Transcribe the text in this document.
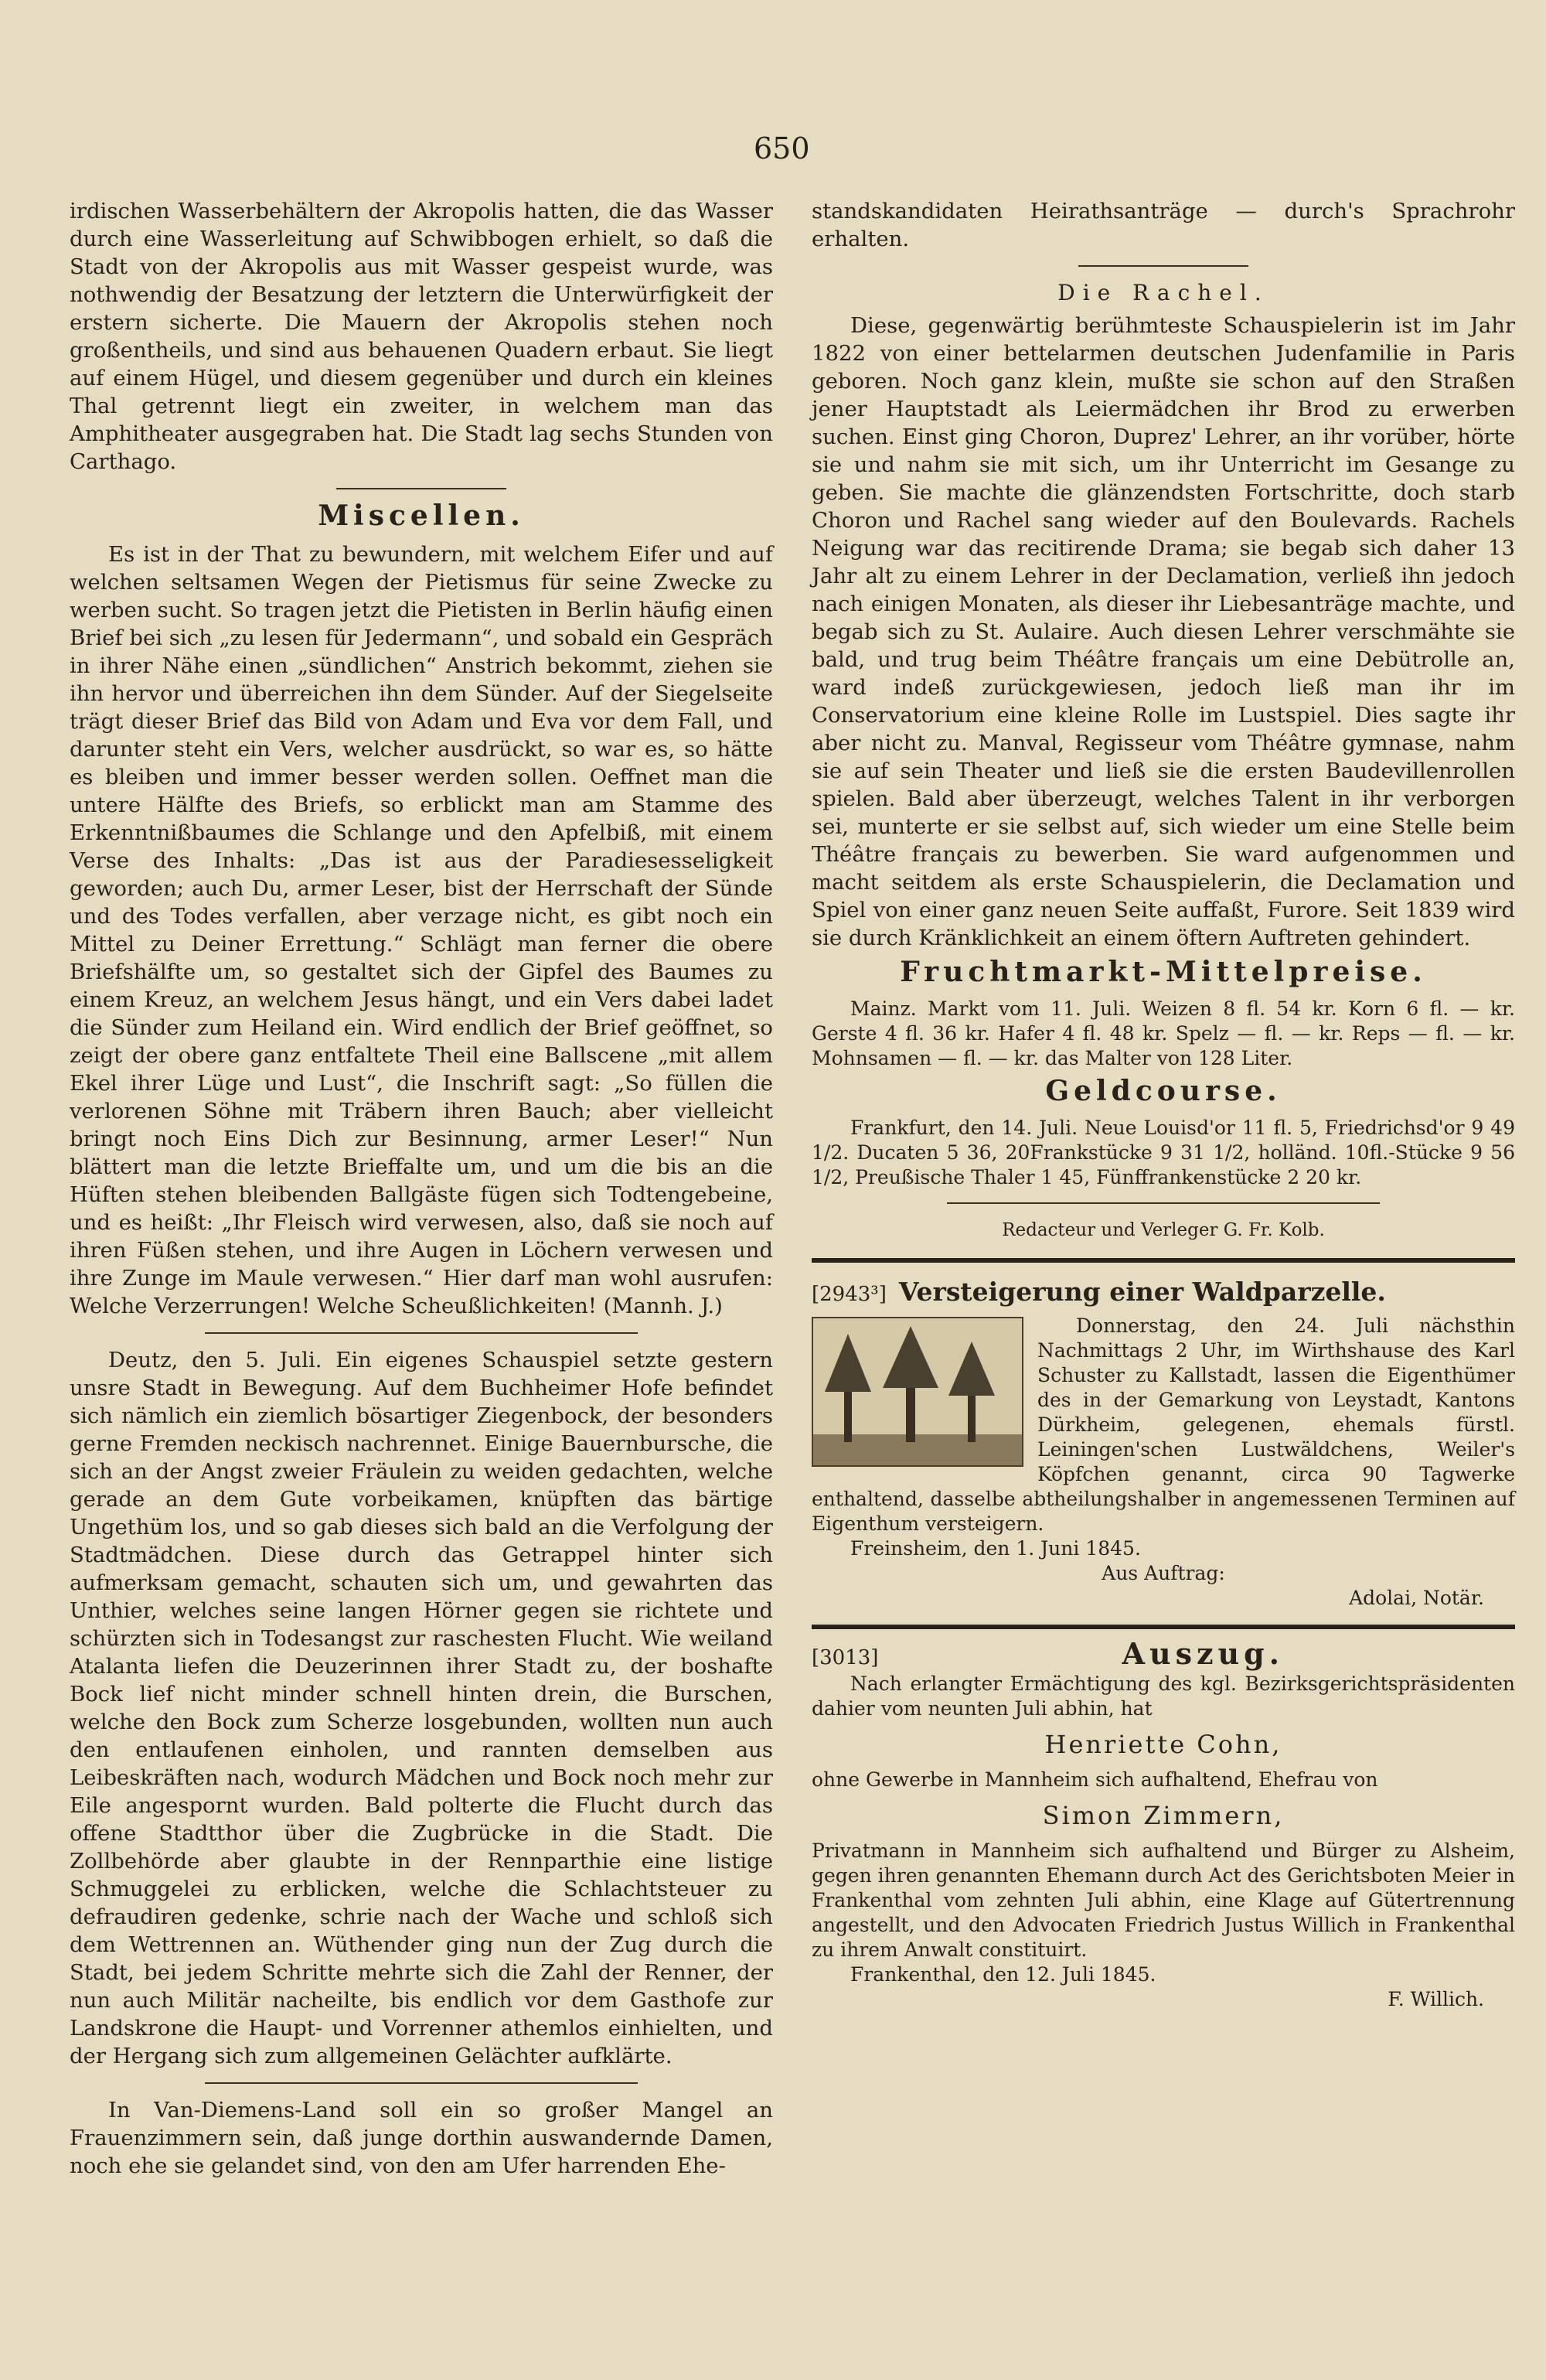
650

irdischen Wasserbehältern der Akropolis hatten, die das Wasser durch eine Wasserleitung auf Schwibbogen erhielt, so daß die Stadt von der Akropolis aus mit Wasser gespeist wurde, was nothwendig der Besatzung der letztern die Unterwürfigkeit der erstern sicherte. Die Mauern der Akropolis stehen noch großentheils, und sind aus behauenen Quadern erbaut. Sie liegt auf einem Hügel, und diesem gegenüber und durch ein kleines Thal getrennt liegt ein zweiter, in welchem man das Amphitheater ausgegraben hat. Die Stadt lag sechs Stunden von Carthago.

Miscellen.

Es ist in der That zu bewundern, mit welchem Eifer und auf welchen seltsamen Wegen der Pietismus für seine Zwecke zu werben sucht. So tragen jetzt die Pietisten in Berlin häufig einen Brief bei sich „zu lesen für Jedermann“, und sobald ein Gespräch in ihrer Nähe einen „sündlichen“ Anstrich bekommt, ziehen sie ihn hervor und überreichen ihn dem Sünder. Auf der Siegelseite trägt dieser Brief das Bild von Adam und Eva vor dem Fall, und darunter steht ein Vers, welcher ausdrückt, so war es, so hätte es bleiben und immer besser werden sollen. Oeffnet man die untere Hälfte des Briefs, so erblickt man am Stamme des Erkenntnißbaumes die Schlange und den Apfelbiß, mit einem Verse des Inhalts: „Das ist aus der Paradiesesseligkeit geworden; auch Du, armer Leser, bist der Herrschaft der Sünde und des Todes verfallen, aber verzage nicht, es gibt noch ein Mittel zu Deiner Errettung.“ Schlägt man ferner die obere Briefshälfte um, so gestaltet sich der Gipfel des Baumes zu einem Kreuz, an welchem Jesus hängt, und ein Vers dabei ladet die Sünder zum Heiland ein. Wird endlich der Brief geöffnet, so zeigt der obere ganz entfaltete Theil eine Ballscene „mit allem Ekel ihrer Lüge und Lust“, die Inschrift sagt: „So füllen die verlorenen Söhne mit Träbern ihren Bauch; aber vielleicht bringt noch Eins Dich zur Besinnung, armer Leser!“ Nun blättert man die letzte Brieffalte um, und um die bis an die Hüften stehen bleibenden Ballgäste fügen sich Todtengebeine, und es heißt: „Ihr Fleisch wird verwesen, also, daß sie noch auf ihren Füßen stehen, und ihre Augen in Löchern verwesen und ihre Zunge im Maule verwesen.“ Hier darf man wohl ausrufen: Welche Verzerrungen! Welche Scheußlichkeiten! (Mannh. J.)

Deutz, den 5. Juli. Ein eigenes Schauspiel setzte gestern unsre Stadt in Bewegung. Auf dem Buchheimer Hofe befindet sich nämlich ein ziemlich bösartiger Ziegenbock, der besonders gerne Fremden neckisch nachrennet. Einige Bauernbursche, die sich an der Angst zweier Fräulein zu weiden gedachten, welche gerade an dem Gute vorbeikamen, knüpften das bärtige Ungethüm los, und so gab dieses sich bald an die Verfolgung der Stadtmädchen. Diese durch das Getrappel hinter sich aufmerksam gemacht, schauten sich um, und gewahrten das Unthier, welches seine langen Hörner gegen sie richtete und schürzten sich in Todesangst zur raschesten Flucht. Wie weiland Atalanta liefen die Deuzerinnen ihrer Stadt zu, der boshafte Bock lief nicht minder schnell hinten drein, die Burschen, welche den Bock zum Scherze losgebunden, wollten nun auch den entlaufenen einholen, und rannten demselben aus Leibeskräften nach, wodurch Mädchen und Bock noch mehr zur Eile angespornt wurden. Bald polterte die Flucht durch das offene Stadtthor über die Zugbrücke in die Stadt. Die Zollbehörde aber glaubte in der Rennparthie eine listige Schmuggelei zu erblicken, welche die Schlachtsteuer zu defraudiren gedenke, schrie nach der Wache und schloß sich dem Wettrennen an. Wüthender ging nun der Zug durch die Stadt, bei jedem Schritte mehrte sich die Zahl der Renner, der nun auch Militär nacheilte, bis endlich vor dem Gasthofe zur Landskrone die Haupt- und Vorrenner athemlos einhielten, und der Hergang sich zum allgemeinen Gelächter aufklärte.

In Van-Diemens-Land soll ein so großer Mangel an Frauenzimmern sein, daß junge dorthin auswandernde Damen, noch ehe sie gelandet sind, von den am Ufer harrenden Ehe-

standskandidaten Heirathsanträge — durch's Sprachrohr erhalten.

Die Rachel.

Diese, gegenwärtig berühmteste Schauspielerin ist im Jahr 1822 von einer bettelarmen deutschen Judenfamilie in Paris geboren. Noch ganz klein, mußte sie schon auf den Straßen jener Hauptstadt als Leiermädchen ihr Brod zu erwerben suchen. Einst ging Choron, Duprez' Lehrer, an ihr vorüber, hörte sie und nahm sie mit sich, um ihr Unterricht im Gesange zu geben. Sie machte die glänzendsten Fortschritte, doch starb Choron und Rachel sang wieder auf den Boulevards. Rachels Neigung war das recitirende Drama; sie begab sich daher 13 Jahr alt zu einem Lehrer in der Declamation, verließ ihn jedoch nach einigen Monaten, als dieser ihr Liebesanträge machte, und begab sich zu St. Aulaire. Auch diesen Lehrer verschmähte sie bald, und trug beim Théâtre français um eine Debütrolle an, ward indeß zurückgewiesen, jedoch ließ man ihr im Conservatorium eine kleine Rolle im Lustspiel. Dies sagte ihr aber nicht zu. Manval, Regisseur vom Théâtre gymnase, nahm sie auf sein Theater und ließ sie die ersten Baudevillenrollen spielen. Bald aber überzeugt, welches Talent in ihr verborgen sei, munterte er sie selbst auf, sich wieder um eine Stelle beim Théâtre français zu bewerben. Sie ward aufgenommen und macht seitdem als erste Schauspielerin, die Declamation und Spiel von einer ganz neuen Seite auffaßt, Furore. Seit 1839 wird sie durch Kränklichkeit an einem öftern Auftreten gehindert.

Fruchtmarkt-Mittelpreise.

Mainz. Markt vom 11. Juli. Weizen 8 fl. 54 kr. Korn 6 fl. — kr. Gerste 4 fl. 36 kr. Hafer 4 fl. 48 kr. Spelz — fl. — kr. Reps — fl. — kr. Mohnsamen — fl. — kr. das Malter von 128 Liter.

Geldcourse.

Frankfurt, den 14. Juli. Neue Louisd'or 11 fl. 5, Friedrichsd'or 9 49 1/2. Ducaten 5 36, 20Frankstücke 9 31 1/2, holländ. 10fl.-Stücke 9 56 1/2, Preußische Thaler 1 45, Fünffrankenstücke 2 20 kr.

Redacteur und Verleger G. Fr. Kolb.
[2943³] Versteigerung einer Waldparzelle.

Donnerstag, den 24. Juli nächsthin Nachmittags 2 Uhr, im Wirthshause des Karl Schuster zu Kallstadt, lassen die Eigenthümer des in der Gemarkung von Leystadt, Kantons Dürkheim, gelegenen, ehemals fürstl. Leiningen'schen Lustwäldchens, Weiler's Köpfchen genannt, circa 90 Tagwerke enthaltend, dasselbe abtheilungshalber in angemessenen Terminen auf Eigenthum versteigern.

Freinsheim, den 1. Juni 1845.

Aus Auftrag:

Adolai, Notär.

[3013]	Auszug.

Nach erlangter Ermächtigung des kgl. Bezirksgerichtspräsidenten dahier vom neunten Juli abhin, hat

Henriette Cohn,

ohne Gewerbe in Mannheim sich aufhaltend, Ehefrau von

Simon Zimmern,

Privatmann in Mannheim sich aufhaltend und Bürger zu Alsheim, gegen ihren genannten Ehemann durch Act des Gerichtsboten Meier in Frankenthal vom zehnten Juli abhin, eine Klage auf Gütertrennung angestellt, und den Advocaten Friedrich Justus Willich in Frankenthal zu ihrem Anwalt constituirt.

Frankenthal, den 12. Juli 1845.

F. Willich.
